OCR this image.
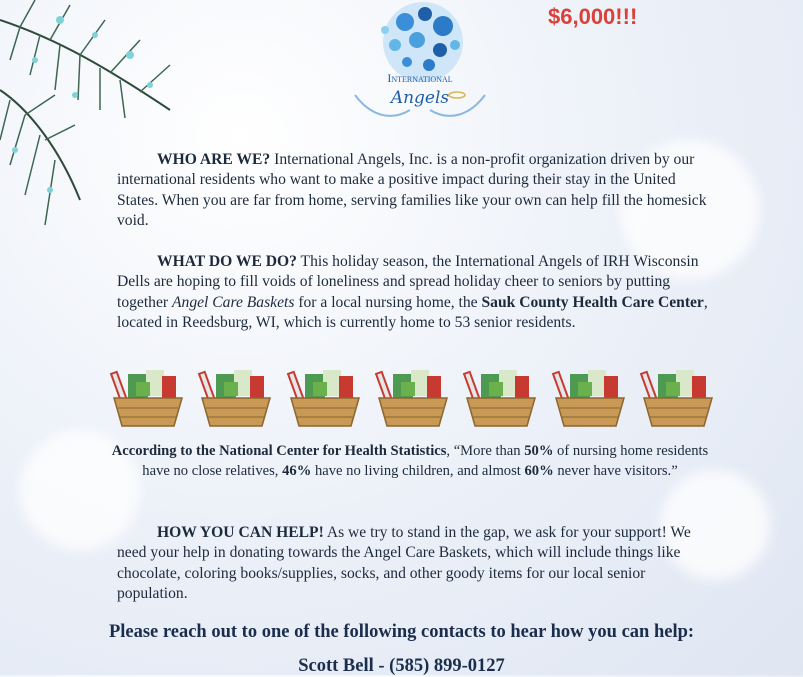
$6,000!!!
International
Angels
WHO ARE WE? International Angels, Inc. is a non-profit organization driven by our international residents who want to make a positive impact during their stay in the United States. When you are far from home, serving families like your own can help fill the homesick void.
WHAT DO WE DO? This holiday season, the International Angels of IRH Wisconsin Dells are hoping to fill voids of loneliness and spread holiday cheer to seniors by putting together Angel Care Baskets for a local nursing home, the Sauk County Health Care Center, located in Reedsburg, WI, which is currently home to 53 senior residents.
According to the National Center for Health Statistics, “More than 50% of nursing home residents have no close relatives, 46% have no living children, and almost 60% never have visitors.”
HOW YOU CAN HELP! As we try to stand in the gap, we ask for your support! We need your help in donating towards the Angel Care Baskets, which will include things like chocolate, coloring books/supplies, socks, and other goody items for our local senior population.
Please reach out to one of the following contacts to hear how you can help:
Scott Bell - (585) 899-0127
